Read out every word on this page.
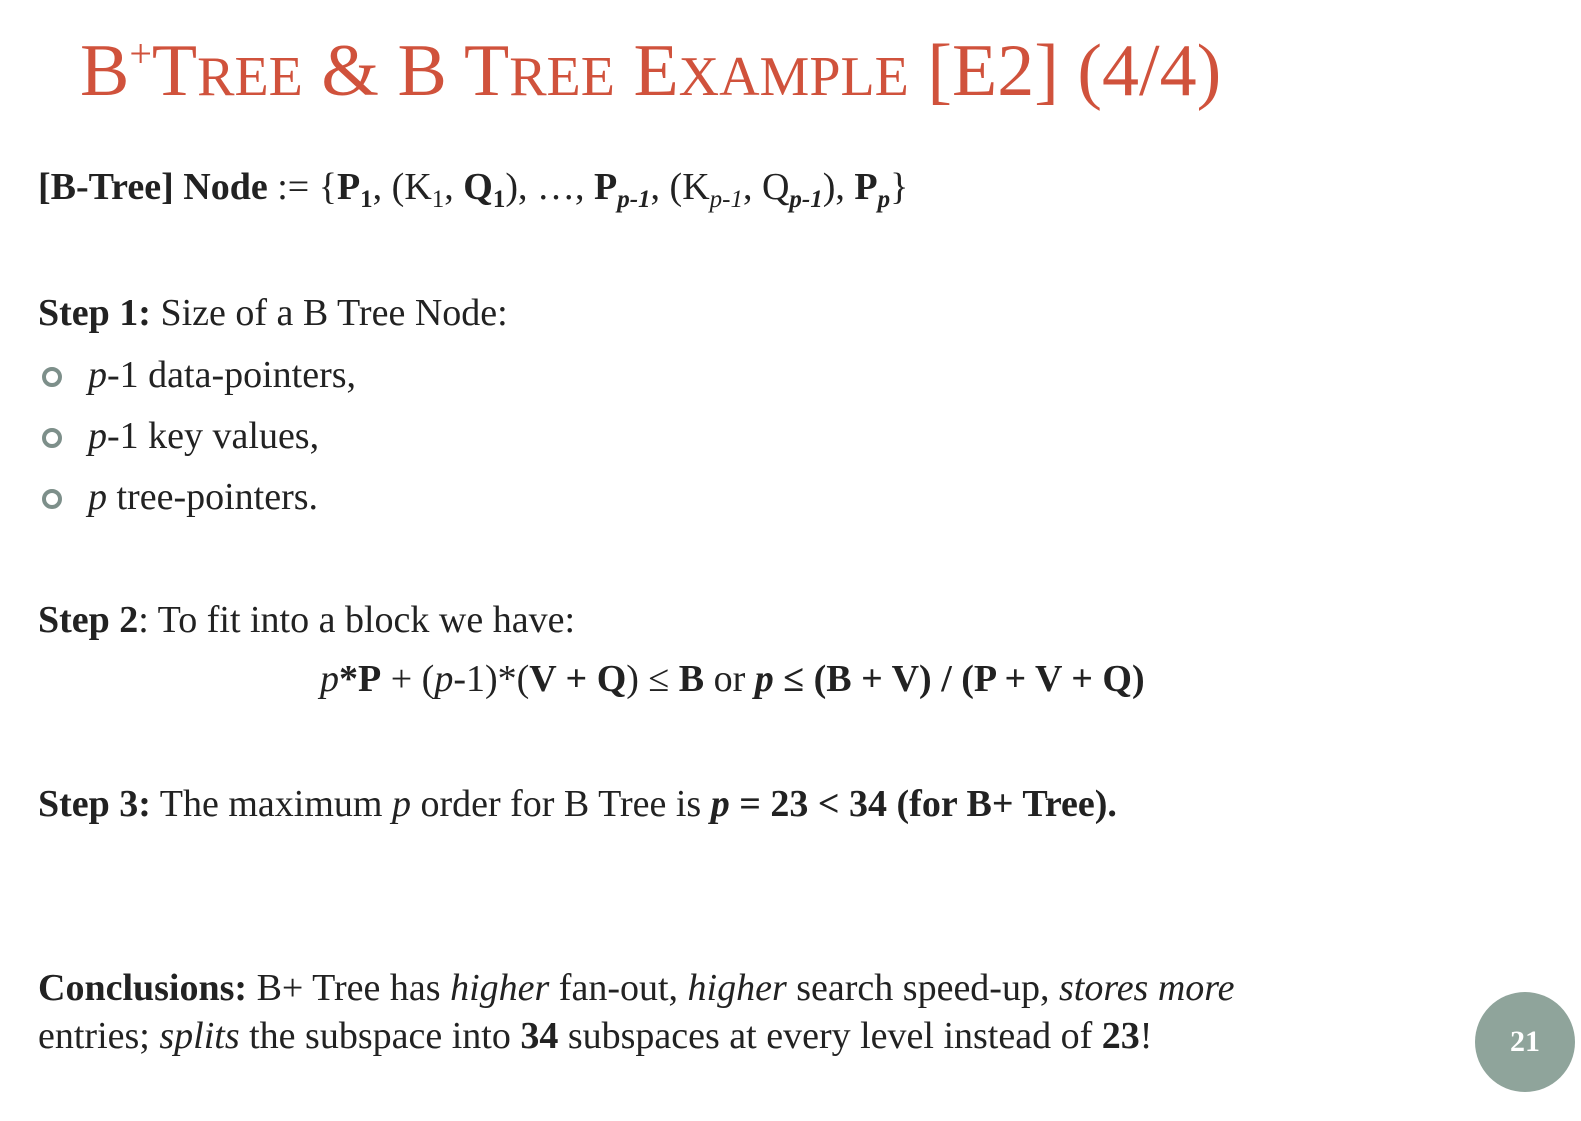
B+TREE & B TREE EXAMPLE [E2] (4/4)
[B-Tree] Node := {$P_1$, ($K_1$, $Q_1$), …, $P_{p-1}$, ($K_{p-1}$, $Q_{p-1}$), $P_p$}
Step 1: Size of a B Tree Node:
p-1 data-pointers,
p-1 key values,
p tree-pointers.
Step 2: To fit into a block we have:
p*P + (p-1)*(V + Q) ≤ B or p ≤ (B + V) / (P + V + Q)
Step 3: The maximum p order for B Tree is p = 23 < 34 (for B+ Tree).
Conclusions: B+ Tree has higher fan-out, higher search speed-up, stores more
entries; splits the subspace into 34 subspaces at every level instead of 23!	21
